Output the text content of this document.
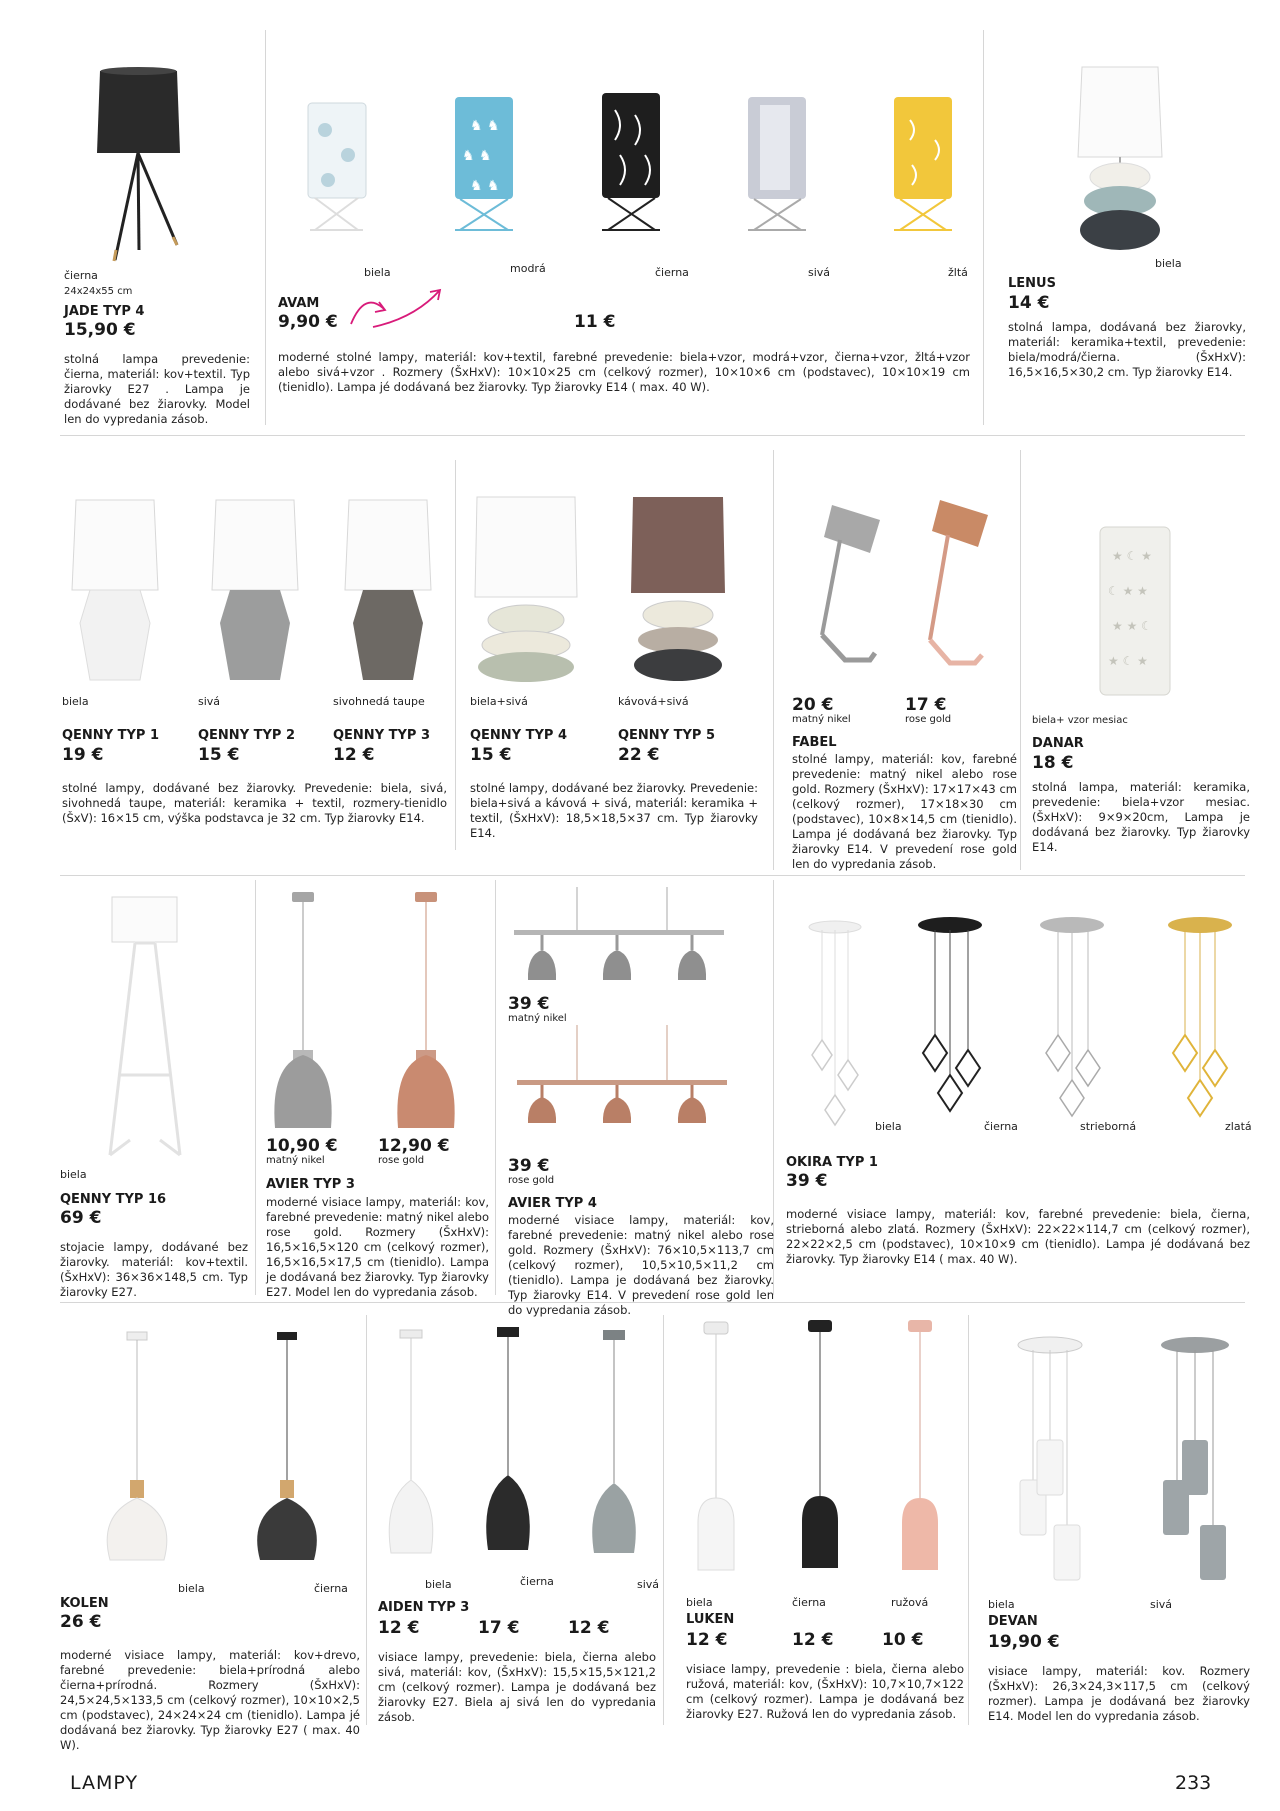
čierna
24x24x55 cm
JADE TYP 4
15,90 €
stolná lampa prevedenie: čierna, materiál: kov+textil. Typ žiarovky E27 . Lampa je dodávané bez žiarovky. Model len do vypredania zásob.
♞ ♞
♞ ♞
♞ ♞
biela	modrá	čierna	sivá	žltá
AVAM
9,90 €	11 €
moderné stolné lampy, materiál: kov+textil, farebné prevedenie: biela+vzor, modrá+vzor, čierna+vzor, žltá+vzor alebo sivá+vzor . Rozmery (ŠxHxV): 10×10×25 cm (celkový rozmer), 10×10×6 cm (podstavec), 10×10×19 cm (tienidlo). Lampa jé dodávaná bez žiarovky. Typ žiarovky E14 ( max. 40 W).
biela
LENUS
14 €
stolná lampa, dodávaná bez žiarovky, materiál: keramika+textil, prevedenie: biela/modrá/čierna. (ŠxHxV): 16,5×16,5×30,2 cm. Typ žiarovky E14.
biela	sivá	sivohnedá taupe
QENNY TYP 1	QENNY TYP 2	QENNY TYP 3
19 €	15 €	12 €
stolné lampy, dodávané bez žiarovky. Prevedenie: biela, sivá, sivohnedá taupe, materiál: keramika + textil, rozmery-tienidlo (ŠxV): 16×15 cm, výška podstavca je 32 cm. Typ žiarovky E14.
biela+sivá	kávová+sivá
QENNY TYP 4	QENNY TYP 5
15 €	22 €
stolné lampy, dodávané bez žiarovky. Prevedenie: biela+sivá a kávová + sivá, materiál: keramika + textil, (ŠxHxV): 18,5×18,5×37 cm. Typ žiarovky E14.
20 €	17 €
matný nikel	rose gold
FABEL
stolné lampy, materiál: kov, farebné prevedenie: matný nikel alebo rose gold. Rozmery (ŠxHxV): 17×17×43 cm (celkový rozmer), 17×18×30 cm (podstavec), 10×8×14,5 cm (tienidlo). Lampa jé dodávaná bez žiarovky. Typ žiarovky E14. V prevedení rose gold len do vypredania zásob.
★ ☾ ★
☾ ★ ★
★ ★ ☾
★ ☾ ★
biela+ vzor mesiac
DANAR
18 €
stolná lampa, materiál: keramika, prevedenie: biela+vzor mesiac. (ŠxHxV): 9×9×20cm, Lampa je dodávaná bez žiarovky. Typ žiarovky E14.
biela
QENNY TYP 16
69 €
stojacie lampy, dodávané bez žiarovky. materiál: kov+textil. (ŠxHxV): 36×36×148,5 cm. Typ žiarovky E27.
10,90 € 12,90 €
matný nikel	rose gold
AVIER TYP 3
moderné visiace lampy, materiál: kov, farebné prevedenie: matný nikel alebo rose gold. Rozmery (ŠxHxV): 16,5×16,5×120 cm (celkový rozmer), 16,5×16,5×17,5 cm (tienidlo). Lampa je dodávaná bez žiarovky. Typ žiarovky E27. Model len do vypredania zásob.
39 €
matný nikel
39 €
rose gold
AVIER TYP 4
moderné visiace lampy, materiál: kov, farebné prevedenie: matný nikel alebo rose gold. Rozmery (ŠxHxV): 76×10,5×113,7 cm (celkový rozmer), 10,5×10,5×11,2 cm (tienidlo). Lampa je dodávaná bez žiarovky. Typ žiarovky E14. V prevedení rose gold len do vypredania zásob.
biela	čierna	strieborná	zlatá
OKIRA TYP 1
39 €
moderné visiace lampy, materiál: kov, farebné prevedenie: biela, čierna, strieborná alebo zlatá. Rozmery (ŠxHxV): 22×22×114,7 cm (celkový rozmer), 22×22×2,5 cm (podstavec), 10×10×9 cm (tienidlo). Lampa jé dodávaná bez žiarovky. Typ žiarovky E14 ( max. 40 W).
biela	čierna
KOLEN
26 €
moderné visiace lampy, materiál: kov+drevo, farebné prevedenie: biela+prírodná alebo čierna+prírodná. Rozmery (ŠxHxV): 24,5×24,5×133,5 cm (celkový rozmer), 10×10×2,5 cm (podstavec), 24×24×24 cm (tienidlo). Lampa jé dodávaná bez žiarovky. Typ žiarovky E27 ( max. 40 W).
biela	čierna	sivá
AIDEN TYP 3
12 €	17 €	12 €
visiace lampy, prevedenie: biela, čierna alebo sivá, materiál: kov, (ŠxHxV): 15,5×15,5×121,2 cm (celkový rozmer). Lampa je dodávaná bez žiarovky E27. Biela aj sivá len do vypredania zásob.
biela	čierna	ružová
LUKEN
12 €	12 €	10 €
visiace lampy, prevedenie : biela, čierna alebo ružová, materiál: kov, (ŠxHxV): 10,7×10,7×122 cm (celkový rozmer). Lampa je dodávaná bez žiarovky E27. Ružová len do vypredania zásob.
biela	sivá
DEVAN
19,90 €
visiace lampy, materiál: kov. Rozmery (ŠxHxV): 26,3×24,3×117,5 cm (celkový rozmer). Lampa je dodávaná bez žiarovky E14. Model len do vypredania zásob.
LAMPY	233
